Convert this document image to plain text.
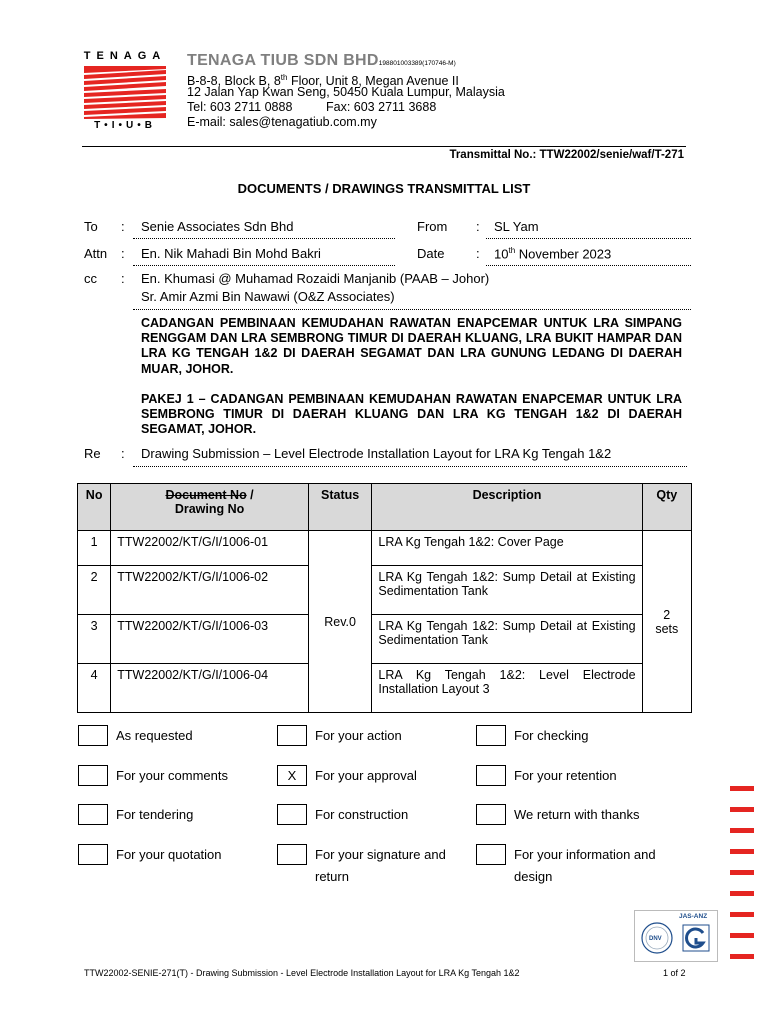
TENAGA
T•I•U•B
TENAGA TIUB SDN BHD198801003389(170746-M)
B-8-8, Block B, 8th Floor, Unit 8, Megan Avenue II
12 Jalan Yap Kwan Seng, 50450 Kuala Lumpur, Malaysia
Tel: 603 2711 0888	Fax: 603 2711 3688
E-mail: sales@tenagatiub.com.my
Transmittal No.: TTW22002/senie/waf/T-271
DOCUMENTS / DRAWINGS TRANSMITTAL LIST
To : Senie Associates Sdn Bhd	From : SL Yam
Attn : En. Nik Mahadi Bin Mohd Bakri	Date : 10th November 2023
cc : En. Khumasi @ Muhamad Rozaidi Manjanib (PAAB – Johor)
Sr. Amir Azmi Bin Nawawi (O&Z Associates)
CADANGAN PEMBINAAN KEMUDAHAN RAWATAN ENAPCEMAR UNTUK LRA SIMPANG RENGGAM DAN LRA SEMBRONG TIMUR DI DAERAH KLUANG, LRA BUKIT HAMPAR DAN LRA KG TENGAH 1&2 DI DAERAH SEGAMAT DAN LRA GUNUNG LEDANG DI DAERAH MUAR, JOHOR.
PAKEJ 1 – CADANGAN PEMBINAAN KEMUDAHAN RAWATAN ENAPCEMAR UNTUK LRA SEMBRONG TIMUR DI DAERAH KLUANG DAN LRA KG TENGAH 1&2 DI DAERAH SEGAMAT, JOHOR.
Re : Drawing Submission – Level Electrode Installation Layout for LRA Kg Tengah 1&2
No	Document No /
Drawing No	Status	Description	Qty
1	TTW22002/KT/G/I/1006-01	Rev.0	LRA Kg Tengah 1&2: Cover Page	2
sets
2	TTW22002/KT/G/I/1006-02		LRA Kg Tengah 1&2: Sump Detail at Existing Sedimentation Tank	
3	TTW22002/KT/G/I/1006-03		LRA Kg Tengah 1&2: Sump Detail at Existing Sedimentation Tank	
4	TTW22002/KT/G/I/1006-04		LRA Kg Tengah 1&2: Level Electrode Installation Layout 3	
As requested	For your action	For checking
For your comments	X	For your approval	For your retention
For tendering	For construction	We return with thanks
For your quotation	For your signature and return
For your information and design
JAS-ANZ
DNV
TTW22002-SENIE-271(T) - Drawing Submission - Level Electrode Installation Layout for LRA Kg Tengah 1&2	1 of 2
